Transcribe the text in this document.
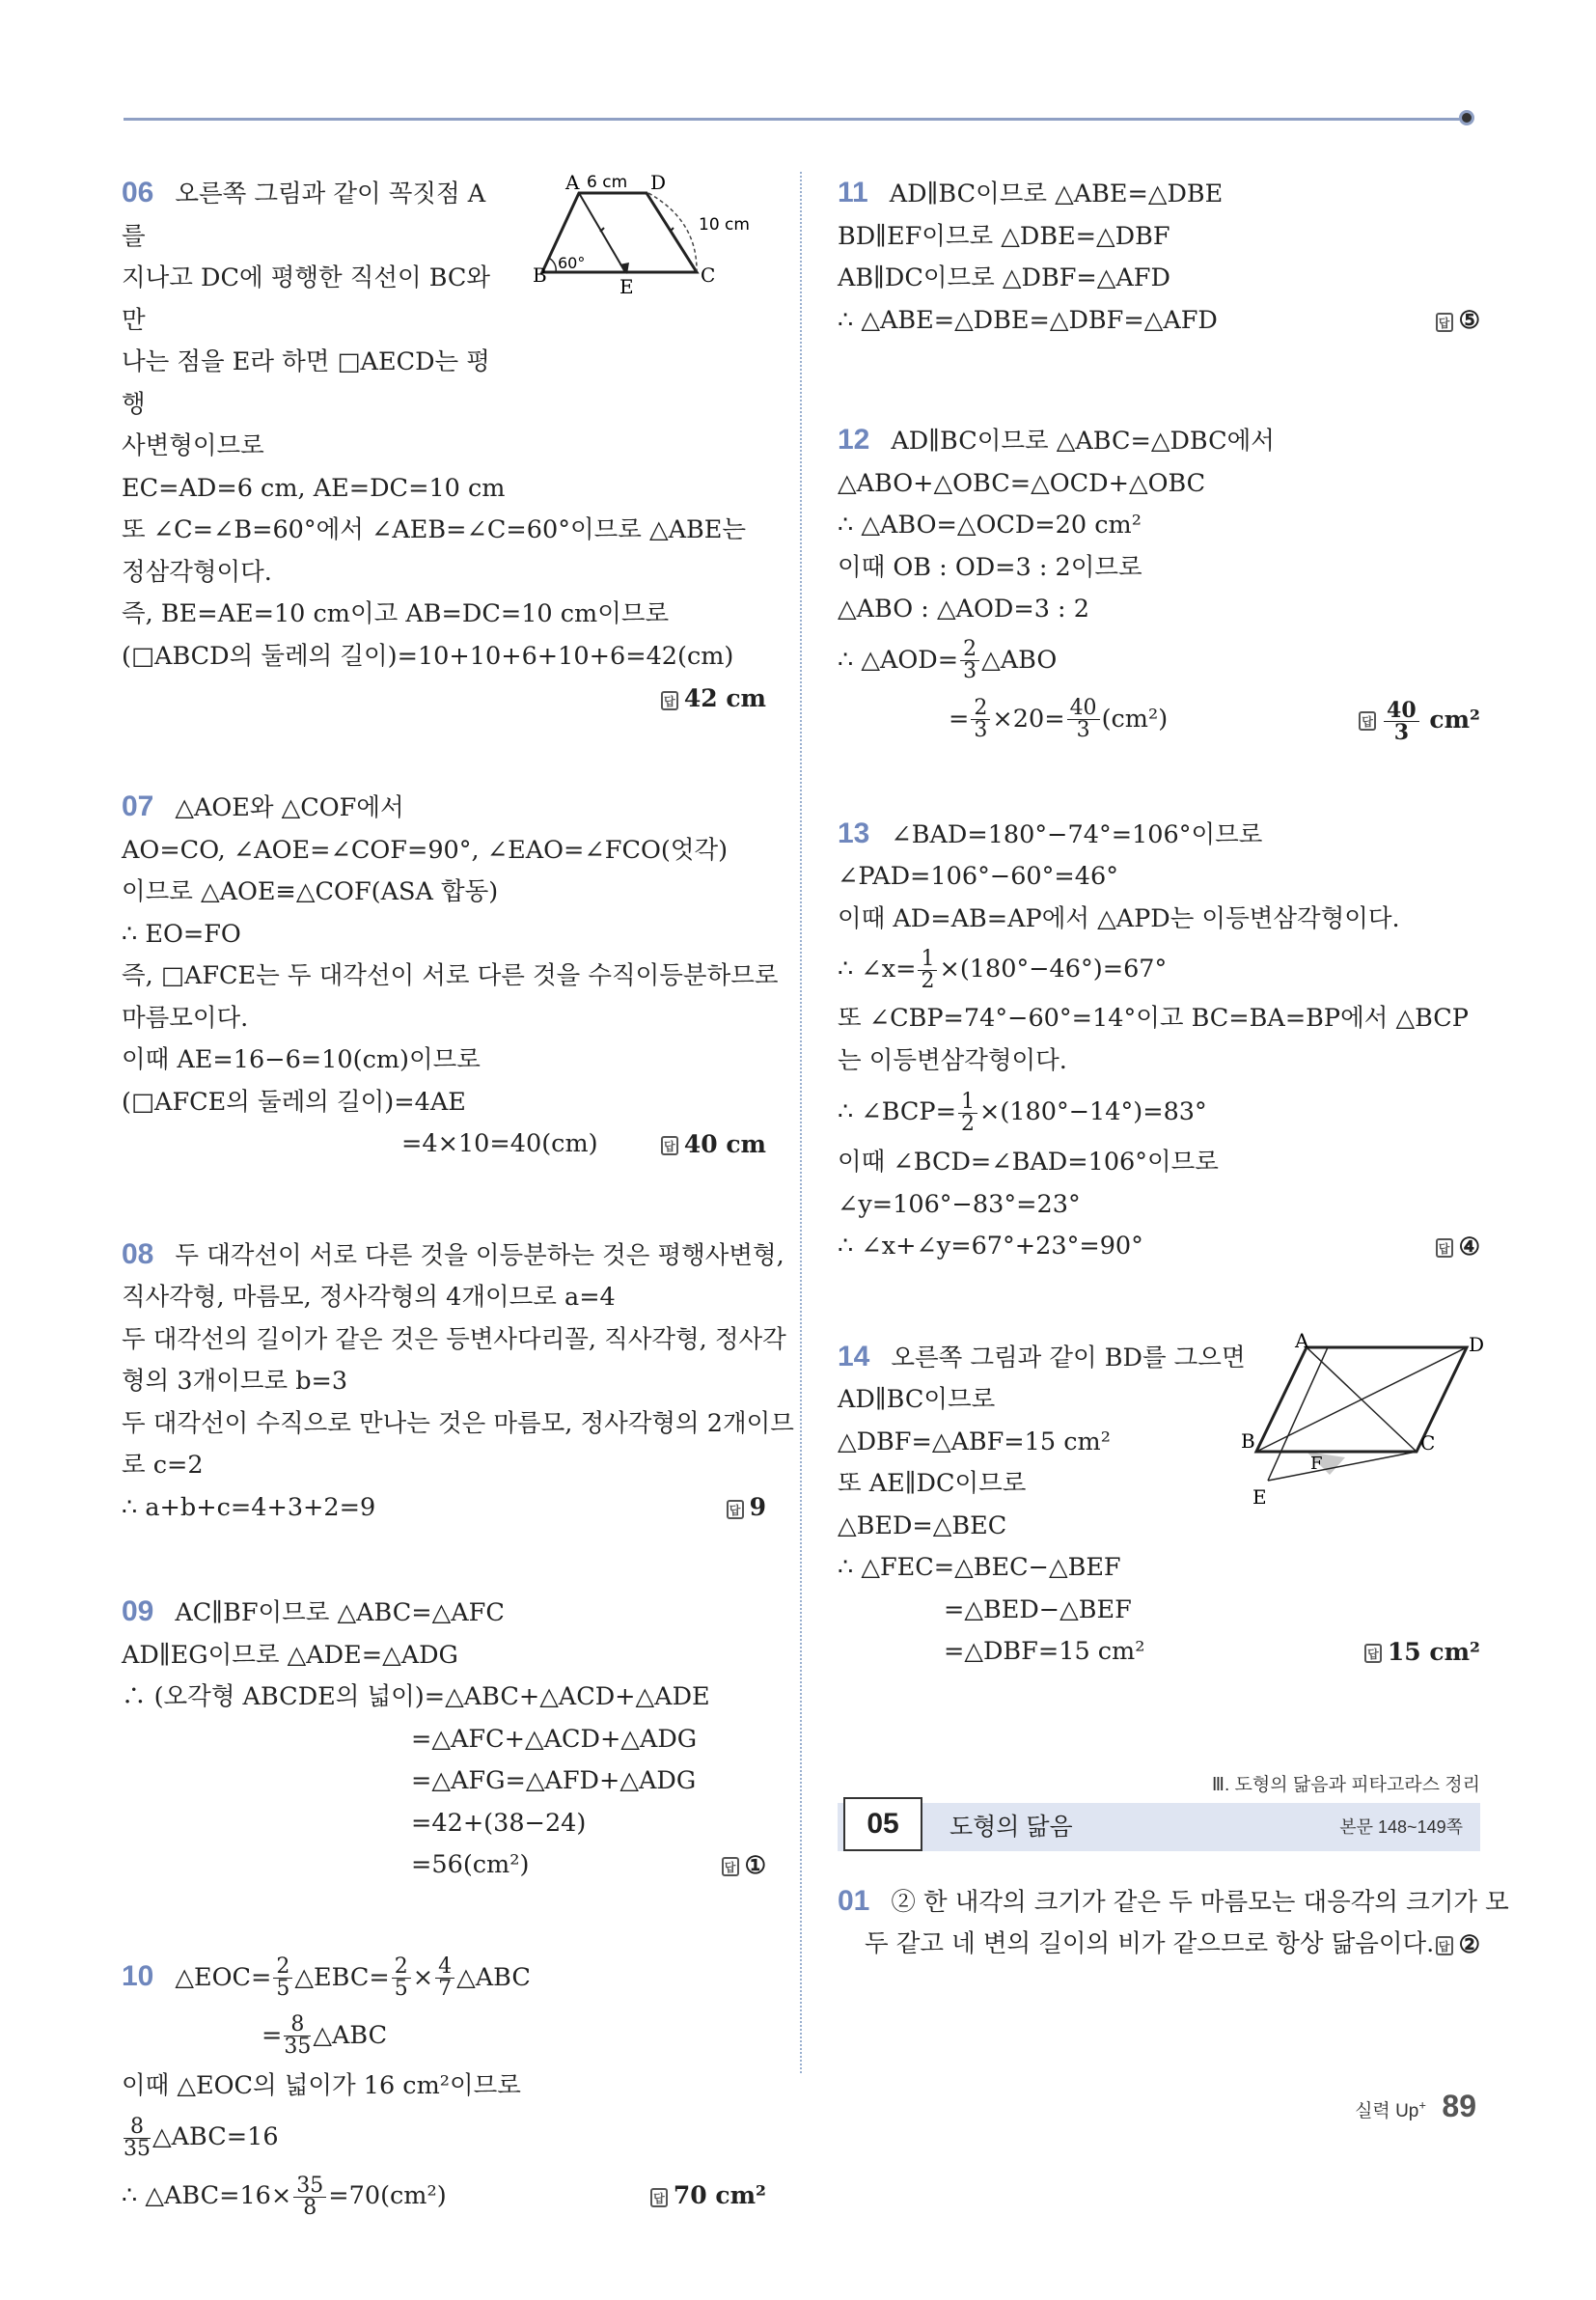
A	D
B	C
E
6 cm
10 cm
60°
06 오른쪽 그림과 같이 꼭짓점 A를
지나고 DC에 평행한 직선이 BC와 만
나는 점을 E라 하면 □AECD는 평행
사변형이므로
EC=AD=6 cm, AE=DC=10 cm
또 ∠C=∠B=60°에서 ∠AEB=∠C=60°이므로 △ABE는
정삼각형이다.
즉, BE=AE=10 cm이고 AB=DC=10 cm이므로
(□ABCD의 둘레의 길이)=10+10+6+10+6=42(cm)
답 42 cm
07 △AOE와 △COF에서
AO=CO, ∠AOE=∠COF=90°, ∠EAO=∠FCO(엇각)
이므로 △AOE≡△COF(ASA 합동)
∴ EO=FO
즉, □AFCE는 두 대각선이 서로 다른 것을 수직이등분하므로
마름모이다.
이때 AE=16−6=10(cm)이므로
(□AFCE의 둘레의 길이)=4AE
=4×10=40(cm)	답 40 cm
08 두 대각선이 서로 다른 것을 이등분하는 것은 평행사변형,
직사각형, 마름모, 정사각형의 4개이므로 a=4
두 대각선의 길이가 같은 것은 등변사다리꼴, 직사각형, 정사각
형의 3개이므로 b=3
두 대각선이 수직으로 만나는 것은 마름모, 정사각형의 2개이므
로 c=2
∴ a+b+c=4+3+2=9	답 9
09 AC∥BF이므로 △ABC=△AFC
AD∥EG이므로 △ADE=△ADG
∴ (오각형 ABCDE의 넓이)=△ABC+△ACD+△ADE
=△AFC+△ACD+△ADG
=△AFG=△AFD+△ADG
=42+(38−24)
=56(cm²)	답 ①
10 △EOC= $\frac{2}{5}$ △EBC= $\frac{2}{5} \times \frac{4}{7}$ △ABC
= $\frac{8}{35}$ △ABC
이때 △EOC의 넓이가 16 cm²이므로
$\frac{8}{35}$ △ABC=16
∴ △ABC=16× $\frac{35}{8} =70(cm^2)$	답 70 cm²
11 AD∥BC이므로 △ABE=△DBE
BD∥EF이므로 △DBE=△DBF
AB∥DC이므로 △DBF=△AFD
∴ △ABE=△DBE=△DBF=△AFD	답 ⑤
12 AD∥BC이므로 △ABC=△DBC에서
△ABO+△OBC=△OCD+△OBC
∴ △ABO=△OCD=20 cm²
이때 OB : OD=3 : 2이므로
△ABO : △AOD=3 : 2
∴ △AOD= $\frac{2}{3}$ △ABO
= $\frac{2}{3} \times 20= \frac{40}{3} (cm^2)$	답 $\frac{40}{3} cm^2$
13 ∠BAD=180°−74°=106°이므로
∠PAD=106°−60°=46°
이때 AD=AB=AP에서 △APD는 이등변삼각형이다.
∴ ∠x= $\frac{1}{2} \times(180^\circ-46^\circ)=67^\circ$
또 ∠CBP=74°−60°=14°이고 BC=BA=BP에서 △BCP
는 이등변삼각형이다.
∴ ∠BCP= $\frac{1}{2} \times(180^\circ-14^\circ)=83^\circ$
이때 ∠BCD=∠BAD=106°이므로
∠y=106°−83°=23°
∴ ∠x+∠y=67°+23°=90°	답 ④
A	D
B	C
F
E
14 오른쪽 그림과 같이 BD를 그으면
AD∥BC이므로
△DBF=△ABF=15 cm²
또 AE∥DC이므로
△BED=△BEC
∴ △FEC=△BEC−△BEF
=△BED−△BEF
=△DBF=15 cm²	답 15 cm²
Ⅲ. 도형의 닮음과 피타고라스 정리
05	도형의 닮음	본문 148~149쪽
01 ② 한 내각의 크기가 같은 두 마름모는 대응각의 크기가 모
두 같고 네 변의 길이의 비가 같으므로 항상 닮음이다. 답 ②
실력 Up+ 89
